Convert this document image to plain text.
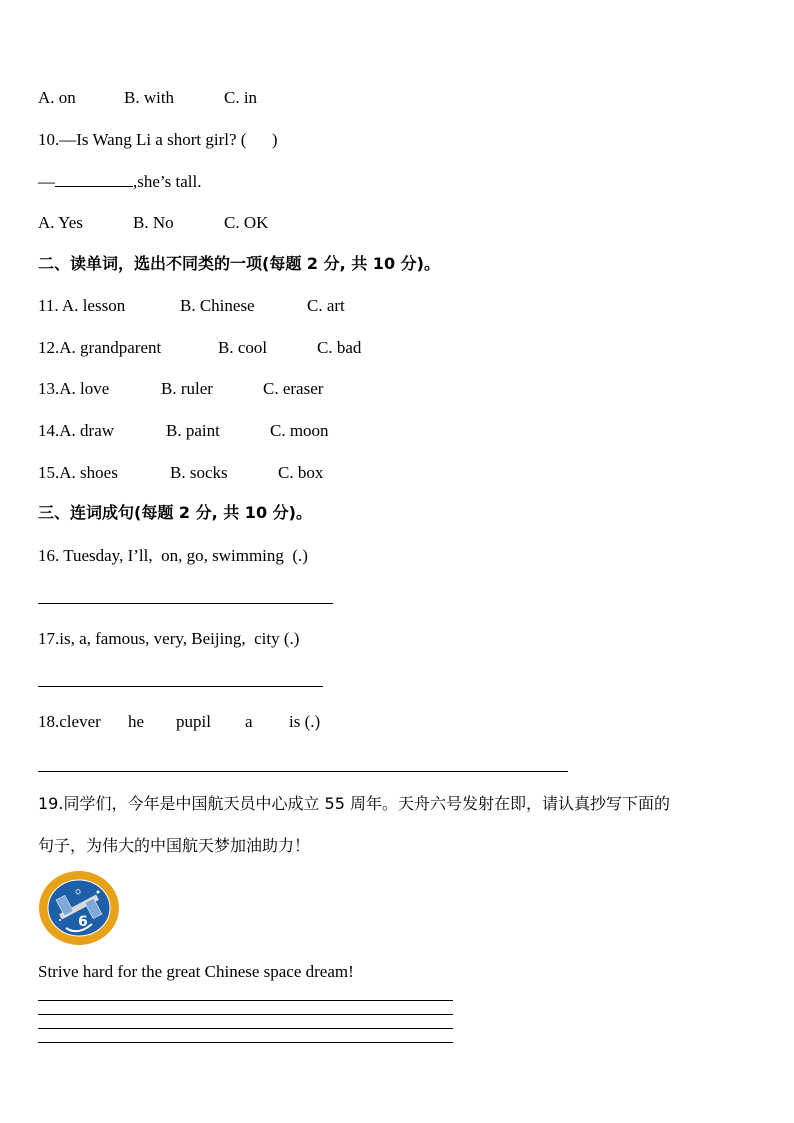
A. on	B. with	C. in
10.—Is Wang Li a short girl? (      )
—	,she’s tall.
A. Yes	B. No	C. OK
二、读单词，选出不同类的一项(每题 2 分, 共 10 分)。
11. A. lesson	B. Chinese	C. art
12.A. grandparent	B. cool	C. bad
13.A. love	B. ruler	C. eraser
14.A. draw	B. paint	C. moon
15.A. shoes	B. socks	C. box
三、连词成句(每题 2 分, 共 10 分)。
16. Tuesday, I’ll,  on, go, swimming  (.)
17.is, a, famous, very, Beijing,  city (.)
18.clever he pupil a is (.)
19.同学们，今年是中国航天员中心成立 55 周年。天舟六号发射在即，请认真抄写下面的
句子，为伟大的中国航天梦加油助力！
6
⛭
Strive hard for the great Chinese space dream!
